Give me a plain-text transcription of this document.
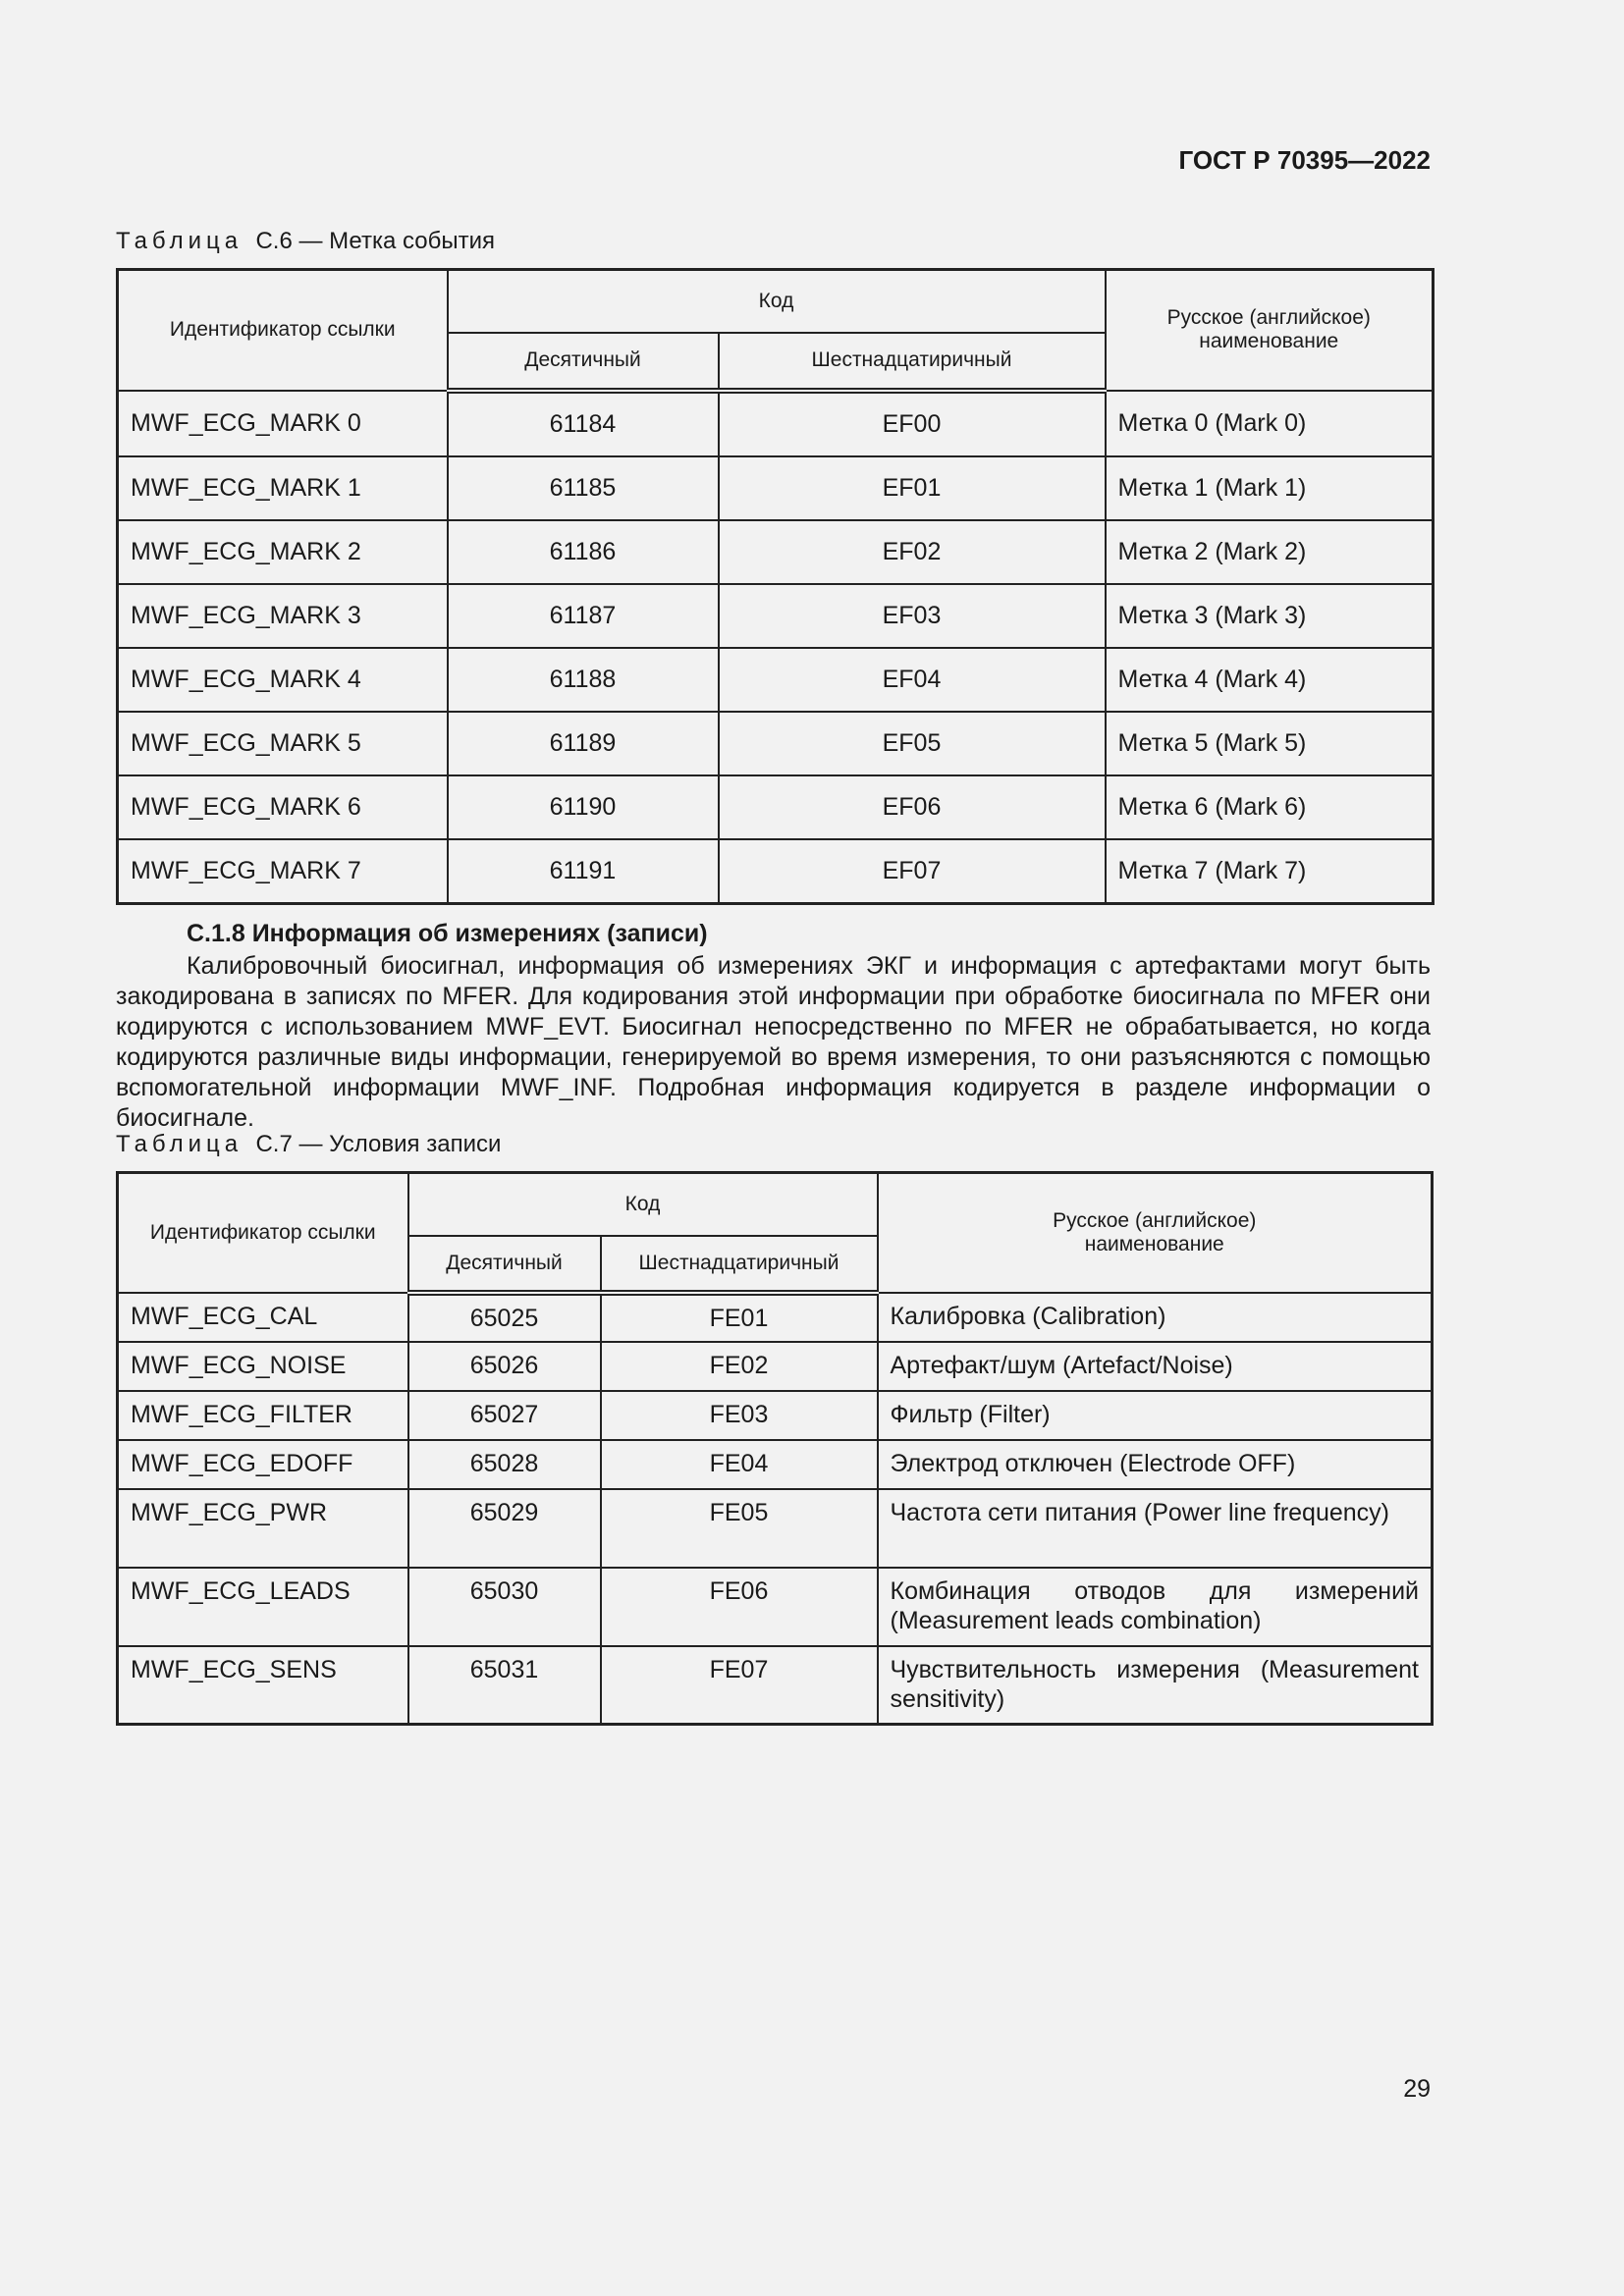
ГОСТ Р 70395—2022
Таблица С.6 — Метка события
Идентификатор ссылки	Код		Русское (английское) наименование
	Десятичный	Шестнадцатиричный	
MWF_ECG_MARK 0	61184	EF00	Метка 0 (Mark 0)
MWF_ECG_MARK 1	61185	EF01	Метка 1 (Mark 1)
MWF_ECG_MARK 2	61186	EF02	Метка 2 (Mark 2)
MWF_ECG_MARK 3	61187	EF03	Метка 3 (Mark 3)
MWF_ECG_MARK 4	61188	EF04	Метка 4 (Mark 4)
MWF_ECG_MARK 5	61189	EF05	Метка 5 (Mark 5)
MWF_ECG_MARK 6	61190	EF06	Метка 6 (Mark 6)
MWF_ECG_MARK 7	61191	EF07	Метка 7 (Mark 7)
С.1.8 Информация об измерениях (записи)

Калибровочный биосигнал, информация об измерениях ЭКГ и информация с артефактами могут быть закодирована в записях по MFER. Для кодирования этой информации при обработке биосигнала по MFER они кодируются с использованием MWF_EVT. Биосигнал непосредственно по MFER не обрабатывается, но когда кодируются различные виды информации, генерируемой во время измерения, то они разъясняются с помощью вспомогательной информации MWF_INF. Подробная информация кодируется в разделе информации о биосигнале.

Таблица С.7 — Условия записи
Идентификатор ссылки	Код		Русское (английское) наименование
	Десятичный	Шестнадцатиричный	
MWF_ECG_CAL	65025	FE01	Калибровка (Calibration)
MWF_ECG_NOISE	65026	FE02	Артефакт/шум (Artefact/Noise)
MWF_ECG_FILTER	65027	FE03	Фильтр (Filter)
MWF_ECG_EDOFF	65028	FE04	Электрод отключен (Electrode OFF)
MWF_ECG_PWR	65029	FE05	Частота сети питания (Power line frequency)
MWF_ECG_LEADS	65030	FE06	Комбинация отводов для измерений (Measurement leads combination)
MWF_ECG_SENS	65031	FE07	Чувствительность измерения (Measurement sensitivity)
29
